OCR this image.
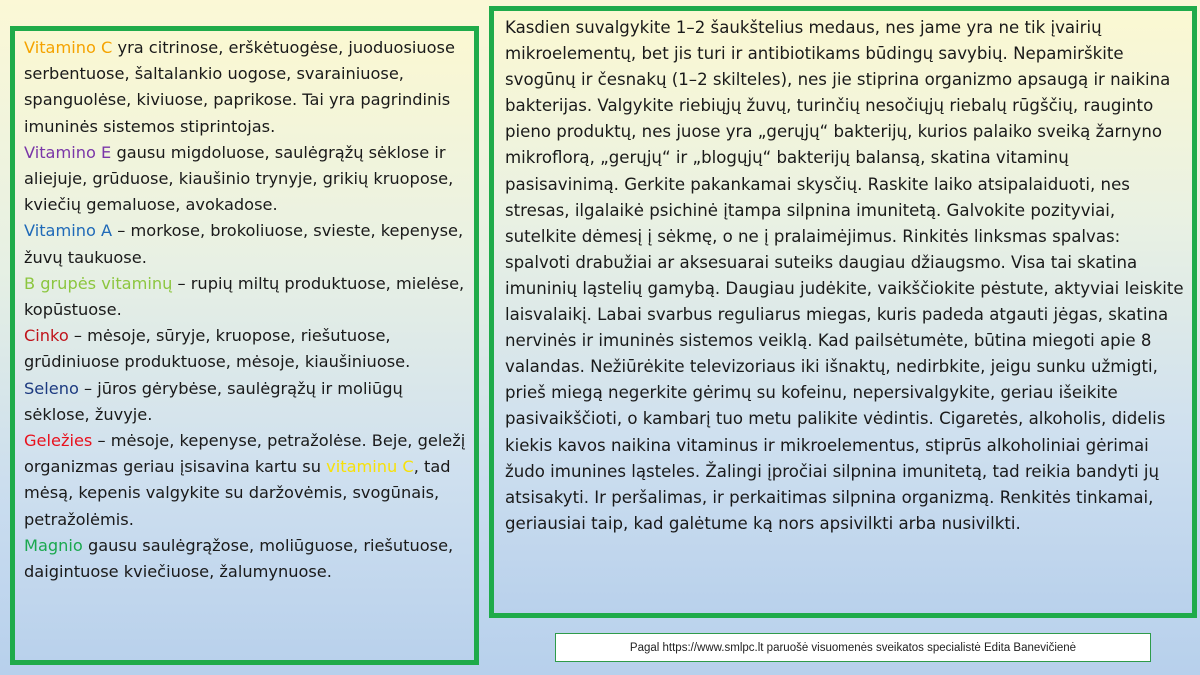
Vitamino C yra citrinose, erškėtuogėse, juoduosiuose serbentuose, šaltalankio uogose, svarainiuose, spanguolėse, kiviuose, paprikose. Tai yra pagrindinis imuninės sistemos stiprintojas.

Vitamino E gausu migdoluose, saulėgrąžų sėklose ir aliejuje, grūduose, kiaušinio trynyje, grikių kruopose, kviečių gemaluose, avokadose.

Vitamino A – morkose, brokoliuose, svieste, kepenyse, žuvų taukuose.

B grupės vitaminų – rupių miltų produktuose, mielėse, kopūstuose.

Cinko – mėsoje, sūryje, kruopose, riešutuose, grūdiniuose produktuose, mėsoje, kiaušiniuose.

Seleno – jūros gėrybėse, saulėgrąžų ir moliūgų sėklose, žuvyje.

Geležies – mėsoje, kepenyse, petražolėse. Beje, geležį organizmas geriau įsisavina kartu su vitaminu C, tad mėsą, kepenis valgykite su daržovėmis, svogūnais, petražolėmis.

Magnio gausu saulėgrąžose, moliūguose, riešutuose, daigintuose kviečiuose, žalumynuose.

Kasdien suvalgykite 1–2 šaukštelius medaus, nes jame yra ne tik įvairių mikroelementų, bet jis turi ir antibiotikams būdingų savybių. Nepamirškite svogūnų ir česnakų (1–2 skilteles), nes jie stiprina organizmo apsaugą ir naikina bakterijas. Valgykite riebiųjų žuvų, turinčių nesočiųjų riebalų rūgščių, rauginto pieno produktų, nes juose yra „gerųjų“ bakterijų, kurios palaiko sveiką žarnyno mikroflorą, „gerųjų“ ir „blogųjų“ bakterijų balansą, skatina vitaminų pasisavinimą. Gerkite pakankamai skysčių. Raskite laiko atsipalaiduoti, nes stresas, ilgalaikė psichinė įtampa silpnina imunitetą. Galvokite pozityviai, sutelkite dėmesį į sėkmę, o ne į pralaimėjimus. Rinkitės linksmas spalvas: spalvoti drabužiai ar aksesuarai suteiks daugiau džiaugsmo. Visa tai skatina imuninių ląstelių gamybą. Daugiau judėkite, vaikščiokite pėstute, aktyviai leiskite laisvalaikį. Labai svarbus reguliarus miegas, kuris padeda atgauti jėgas, skatina nervinės ir imuninės sistemos veiklą. Kad pailsėtumėte, būtina miegoti apie 8 valandas. Nežiūrėkite televizoriaus iki išnaktų, nedirbkite, jeigu sunku užmigti, prieš miegą negerkite gėrimų su kofeinu, nepersivalgykite, geriau išeikite pasivaikščioti, o kambarį tuo metu palikite vėdintis. Cigaretės, alkoholis, didelis kiekis kavos naikina vitaminus ir mikroelementus, stiprūs alkoholiniai gėrimai žudo imunines ląsteles. Žalingi įpročiai silpnina imunitetą, tad reikia bandyti jų atsisakyti. Ir peršalimas, ir perkaitimas silpnina organizmą. Renkitės tinkamai, geriausiai taip, kad galėtume ką nors apsivilkti arba nusivilkti.

Pagal https://www.smlpc.lt paruošė visuomenės sveikatos specialistė Edita Banevičienė
